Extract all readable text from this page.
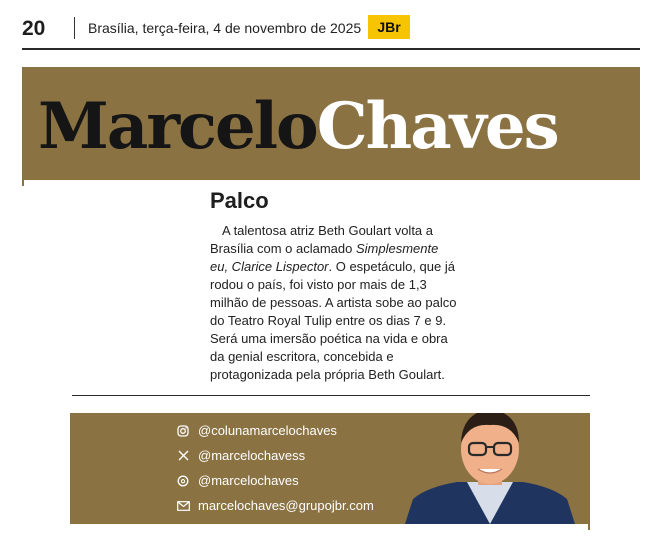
20	Brasília, terça-feira, 4 de novembro de 2025	JBr
MarceloChaves
Palco

A talentosa atriz Beth Goulart volta a Brasília com o aclamado Simplesmente eu, Clarice Lispector. O espetáculo, que já rodou o país, foi visto por mais de 1,3 milhão de pessoas. A artista sobe ao palco do Teatro Royal Tulip entre os dias 7 e 9. Será uma imersão poética na vida e obra da genial escritora, concebida e protagonizada pela própria Beth Goulart.

@colunamarcelochaves
@marcelochavess
@marcelochaves
marcelochaves@grupojbr.com
